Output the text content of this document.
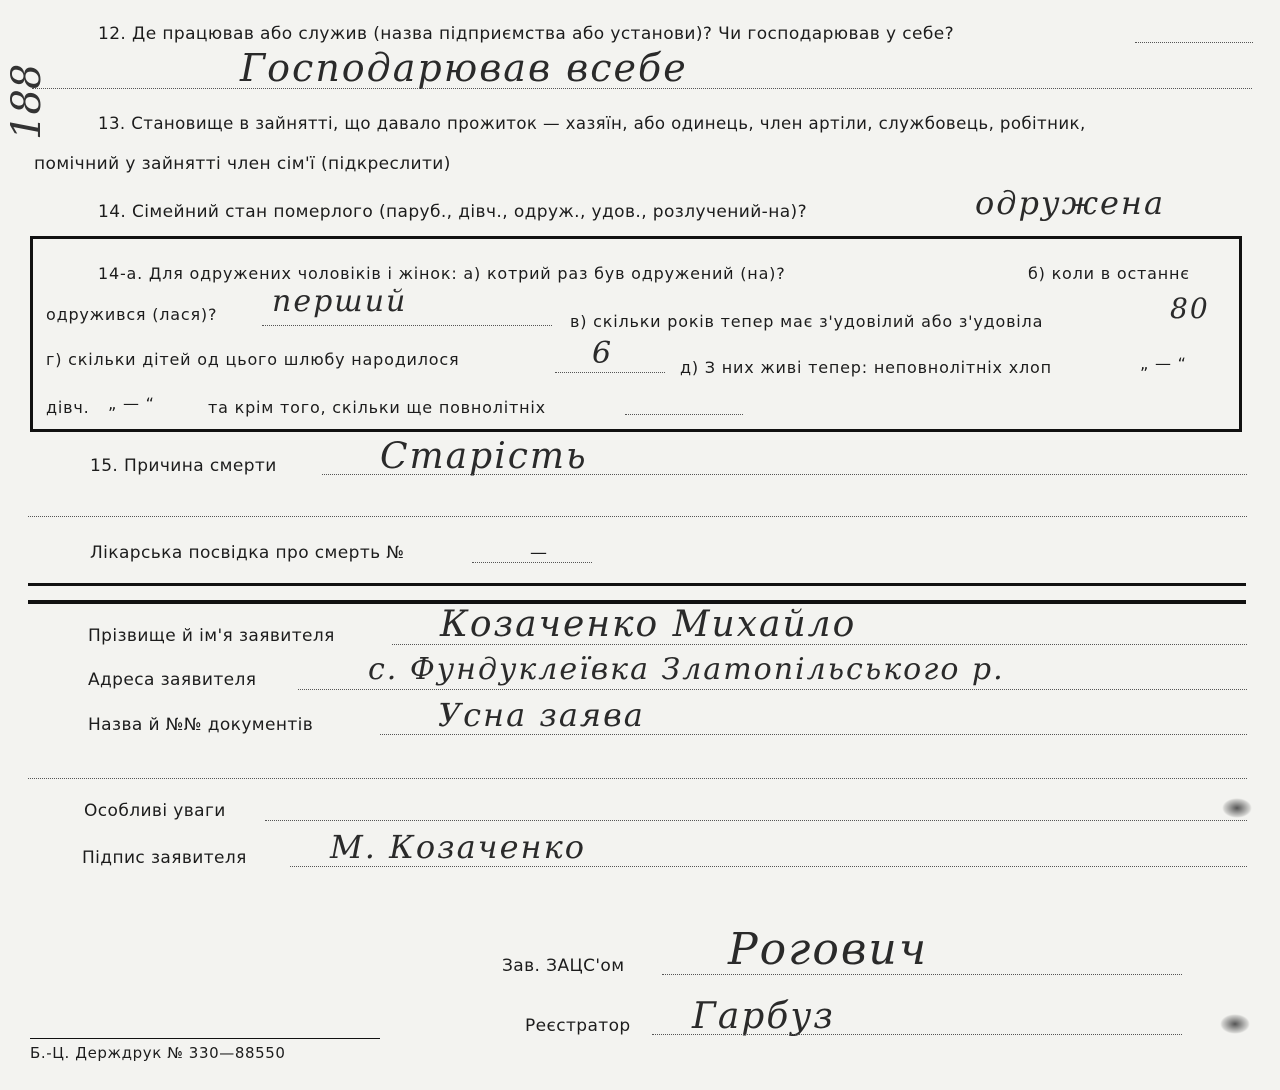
188
12. Де працював або служив (назва підприємства або установи)? Чи господарював у себе?
Господарював всебе
13. Становище в зайнятті, що давало прожиток — хазяїн, або одинець, член артіли, службовець, робітник,
помічний у зайнятті член сім'ї (підкреслити)
14. Сімейний стан померлого (паруб., дівч., одруж., удов., розлучений-на)?	одружена
14-а. Для одружених чоловіків і жінок: а) котрий раз був одружений (на)?	б) коли в останнє
одружився (лася)? перший
в) скільки років тепер має з'удовілий або з'удовіла	80
г) скільки дітей од цього шлюбу народилося	6	д) З них живі тепер: неповнолітніх хлоп	„ — “
дівч. „ — “	та крім того, скільки ще повнолітніх
15. Причина смерти	Старість
Лікарська посвідка про смерть №	—
Прізвище й ім'я заявителя	Козаченко Михайло
Адреса заявителя	с. Фундуклеївка Златопільського р.
Назва й №№ документів	Усна заява
Особливі уваги
Підпис заявителя	М. Козаченко
Зав. ЗАЦС'ом Рогович
Реєстратор Гарбуз
Б.-Ц. Держдрук № 330—88550
